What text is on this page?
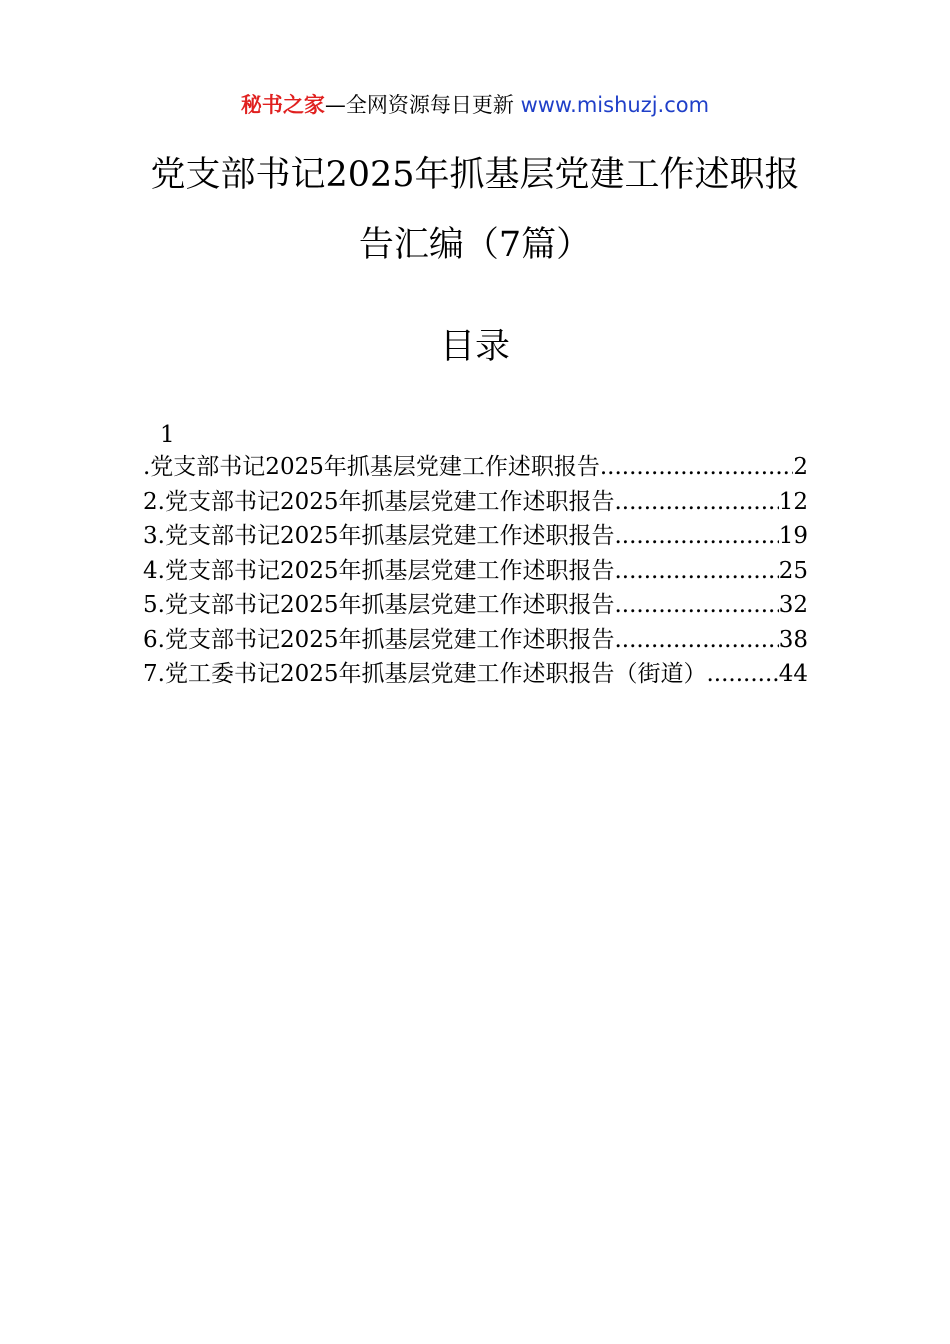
秘书之家—全网资源每日更新 www.mishuzj.com
党支部书记2025年抓基层党建工作述职报
告汇编（7篇）
目录
1
.党支部书记2025年抓基层党建工作述职报告 .....	2
2.党支部书记2025年抓基层党建工作述职报告 .....	12
3.党支部书记2025年抓基层党建工作述职报告 .....	19
4.党支部书记2025年抓基层党建工作述职报告 .....	25
5.党支部书记2025年抓基层党建工作述职报告 .....	32
6.党支部书记2025年抓基层党建工作述职报告 .....	38
7.党工委书记2025年抓基层党建工作述职报告（街道） .....	44
